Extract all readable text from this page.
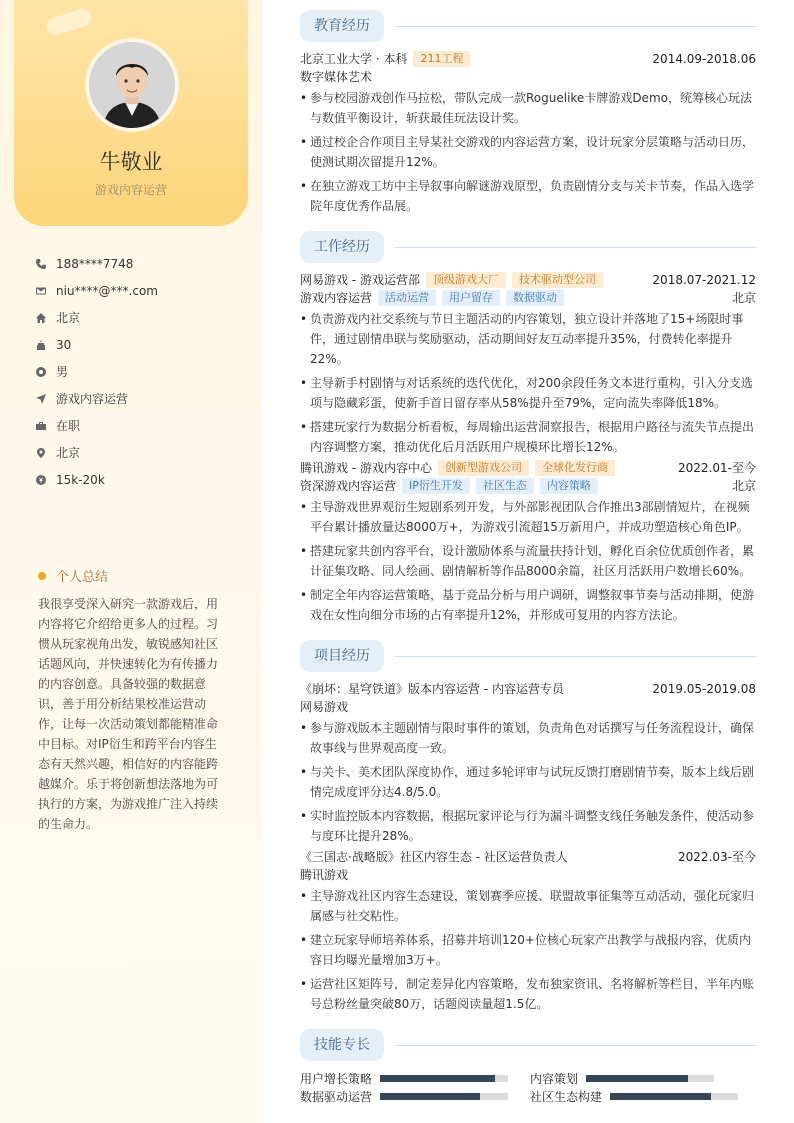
牛敬业
游戏内容运营
188****7748
niu****@***.com
北京
30
男
游戏内容运营
在职
北京
15k-20k
个人总结
我很享受深入研究一款游戏后，用内容将它介绍给更多人的过程。习惯从玩家视角出发，敏锐感知社区话题风向，并快速转化为有传播力的内容创意。具备较强的数据意识，善于用分析结果校准运营动作，让每一次活动策划都能精准命中目标。对IP衍生和跨平台内容生态有天然兴趣，相信好的内容能跨越媒介。乐于将创新想法落地为可执行的方案，为游戏推广注入持续的生命力。
教育经历
北京工业大学 · 本科 211工程	2014.09-2018.06
数字媒体艺术
• 参与校园游戏创作马拉松，带队完成一款Roguelike卡牌游戏Demo，统筹核心玩法与数值平衡设计，斩获最佳玩法设计奖。
• 通过校企合作项目主导某社交游戏的内容运营方案，设计玩家分层策略与活动日历，使测试期次留提升12%。
• 在独立游戏工坊中主导叙事向解谜游戏原型，负责剧情分支与关卡节奏，作品入选学院年度优秀作品展。
工作经历
网易游戏 - 游戏运营部 顶级游戏大厂 技术驱动型公司	2018.07-2021.12
游戏内容运营 活动运营 用户留存 数据驱动	北京
• 负责游戏内社交系统与节日主题活动的内容策划，独立设计并落地了15+场限时事件，通过剧情串联与奖励驱动，活动期间好友互动率提升35%，付费转化率提升22%。
• 主导新手村剧情与对话系统的迭代优化，对200余段任务文本进行重构，引入分支选项与隐藏彩蛋，使新手首日留存率从58%提升至79%，定向流失率降低18%。
• 搭建玩家行为数据分析看板，每周输出运营洞察报告，根据用户路径与流失节点提出内容调整方案，推动优化后月活跃用户规模环比增长12%。
腾讯游戏 - 游戏内容中心 创新型游戏公司 全球化发行商	2022.01-至今
资深游戏内容运营 IP衍生开发 社区生态 内容策略	北京
• 主导游戏世界观衍生短剧系列开发，与外部影视团队合作推出3部剧情短片，在视频平台累计播放量达8000万+，为游戏引流超15万新用户，并成功塑造核心角色IP。
• 搭建玩家共创内容平台，设计激励体系与流量扶持计划，孵化百余位优质创作者，累计征集攻略、同人绘画、剧情解析等作品8000余篇，社区月活跃用户数增长60%。
• 制定全年内容运营策略，基于竞品分析与用户调研，调整叙事节奏与活动排期，使游戏在女性向细分市场的占有率提升12%，并形成可复用的内容方法论。
项目经历
《崩坏：星穹铁道》版本内容运营 - 内容运营专员	2019.05-2019.08
网易游戏
• 参与游戏版本主题剧情与限时事件的策划，负责角色对话撰写与任务流程设计，确保故事线与世界观高度一致。
• 与关卡、美术团队深度协作，通过多轮评审与试玩反馈打磨剧情节奏，版本上线后剧情完成度评分达4.8/5.0。
• 实时监控版本内容数据，根据玩家评论与行为漏斗调整支线任务触发条件，使活动参与度环比提升28%。
《三国志·战略版》社区内容生态 - 社区运营负责人	2022.03-至今
腾讯游戏
• 主导游戏社区内容生态建设，策划赛季应援、联盟故事征集等互动活动，强化玩家归属感与社交粘性。
• 建立玩家导师培养体系，招募并培训120+位核心玩家产出教学与战报内容，优质内容日均曝光量增加3万+。
• 运营社区矩阵号，制定差异化内容策略，发布独家资讯、名将解析等栏目，半年内账号总粉丝量突破80万，话题阅读量超1.5亿。
技能专长
用户增长策略	内容策划
数据驱动运营	社区生态构建
